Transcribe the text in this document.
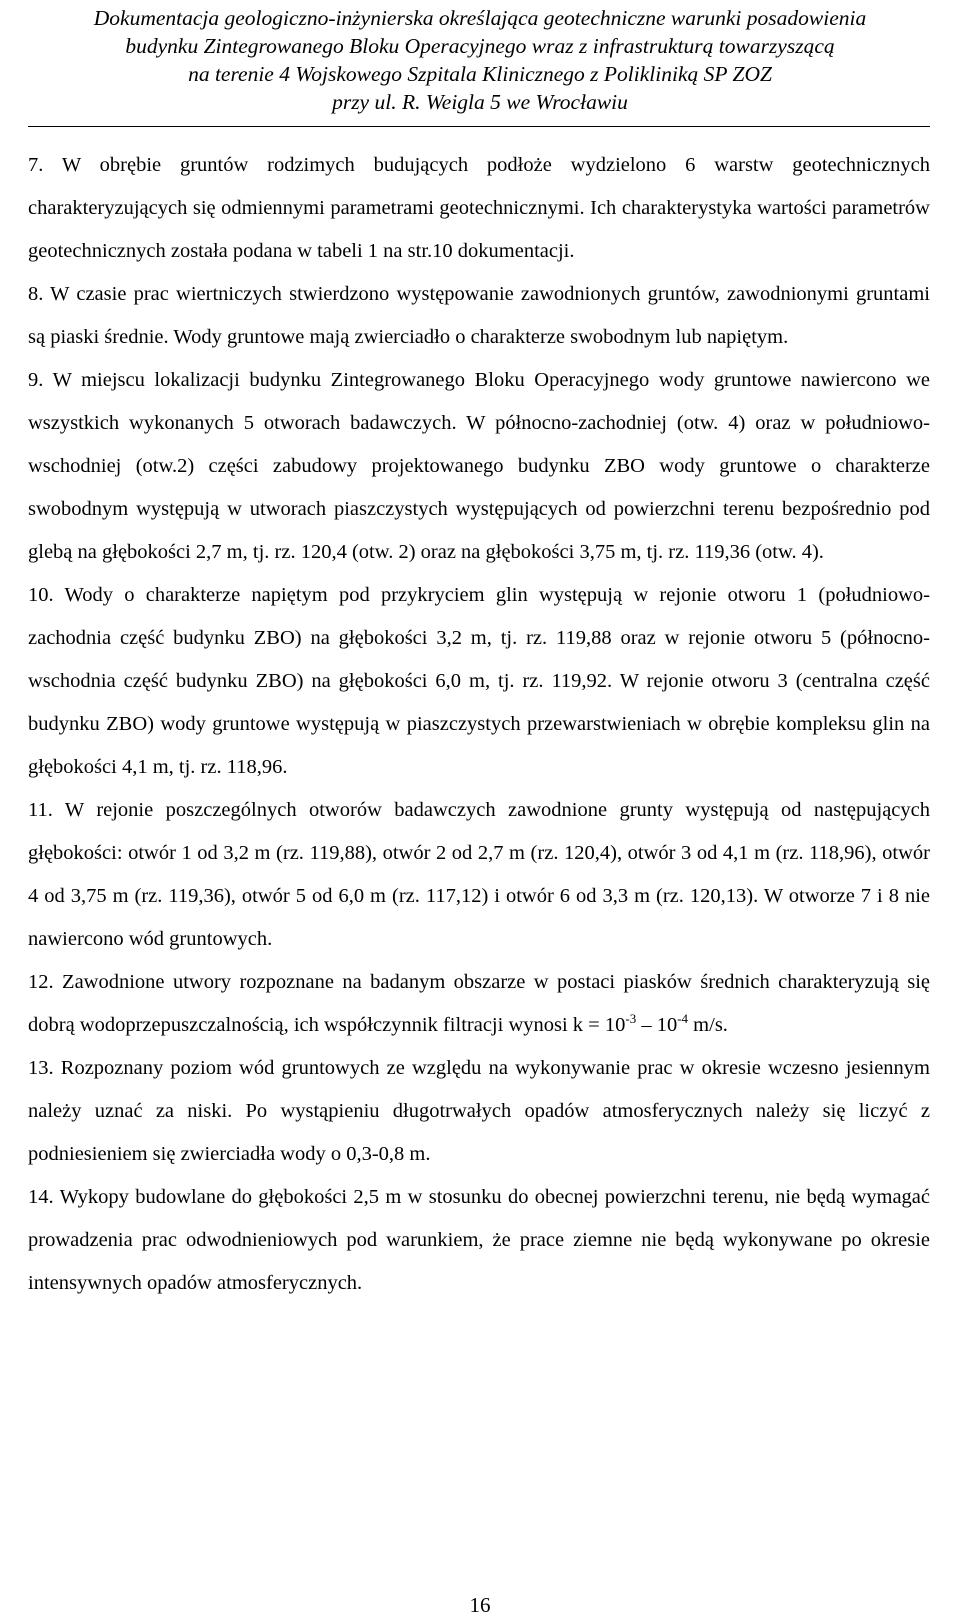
Dokumentacja geologiczno-inżynierska określająca geotechniczne warunki posadowienia
budynku Zintegrowanego Bloku Operacyjnego wraz z infrastrukturą towarzyszącą
na terenie 4 Wojskowego Szpitala Klinicznego z Polikliniką SP ZOZ
przy ul. R. Weigla 5 we Wrocławiu

7. W obrębie gruntów rodzimych budujących podłoże wydzielono 6 warstw geotechnicznych charakteryzujących się odmiennymi parametrami geotechnicznymi. Ich charakterystyka wartości parametrów geotechnicznych została podana w tabeli 1 na str.10 dokumentacji.

8. W czasie prac wiertniczych stwierdzono występowanie zawodnionych gruntów, zawodnionymi gruntami są piaski średnie. Wody gruntowe mają zwierciadło o charakterze swobodnym lub napiętym.

9. W miejscu lokalizacji budynku Zintegrowanego Bloku Operacyjnego wody gruntowe nawiercono we wszystkich wykonanych 5 otworach badawczych. W północno-zachodniej (otw. 4) oraz w południowo-wschodniej (otw.2) części zabudowy projektowanego budynku ZBO wody gruntowe o charakterze swobodnym występują w utworach piaszczystych występujących od powierzchni terenu bezpośrednio pod glebą na głębokości 2,7 m, tj. rz. 120,4 (otw. 2) oraz na głębokości 3,75 m, tj. rz. 119,36 (otw. 4).

10. Wody o charakterze napiętym pod przykryciem glin występują w rejonie otworu 1 (południowo-zachodnia część budynku ZBO) na głębokości 3,2 m, tj. rz. 119,88 oraz w rejonie otworu 5 (północno-wschodnia część budynku ZBO) na głębokości 6,0 m, tj. rz. 119,92. W rejonie otworu 3 (centralna część budynku ZBO) wody gruntowe występują w piaszczystych przewarstwieniach w obrębie kompleksu glin na głębokości 4,1 m, tj. rz. 118,96.

11. W rejonie poszczególnych otworów badawczych zawodnione grunty występują od następujących głębokości: otwór 1 od 3,2 m (rz. 119,88), otwór 2 od 2,7 m (rz. 120,4), otwór 3 od 4,1 m (rz. 118,96), otwór 4 od 3,75 m (rz. 119,36), otwór 5 od 6,0 m (rz. 117,12) i otwór 6 od 3,3 m (rz. 120,13). W otworze 7 i 8 nie nawiercono wód gruntowych.

12. Zawodnione utwory rozpoznane na badanym obszarze w postaci piasków średnich charakteryzują się dobrą wodoprzepuszczalnością, ich współczynnik filtracji wynosi $k = 10^{-3} - 10^{-4}$ m/s.

13. Rozpoznany poziom wód gruntowych ze względu na wykonywanie prac w okresie wczesno jesiennym należy uznać za niski. Po wystąpieniu długotrwałych opadów atmosferycznych należy się liczyć z podniesieniem się zwierciadła wody o 0,3-0,8 m.

14. Wykopy budowlane do głębokości 2,5 m w stosunku do obecnej powierzchni terenu, nie będą wymagać prowadzenia prac odwodnieniowych pod warunkiem, że prace ziemne nie będą wykonywane po okresie intensywnych opadów atmosferycznych.

16
